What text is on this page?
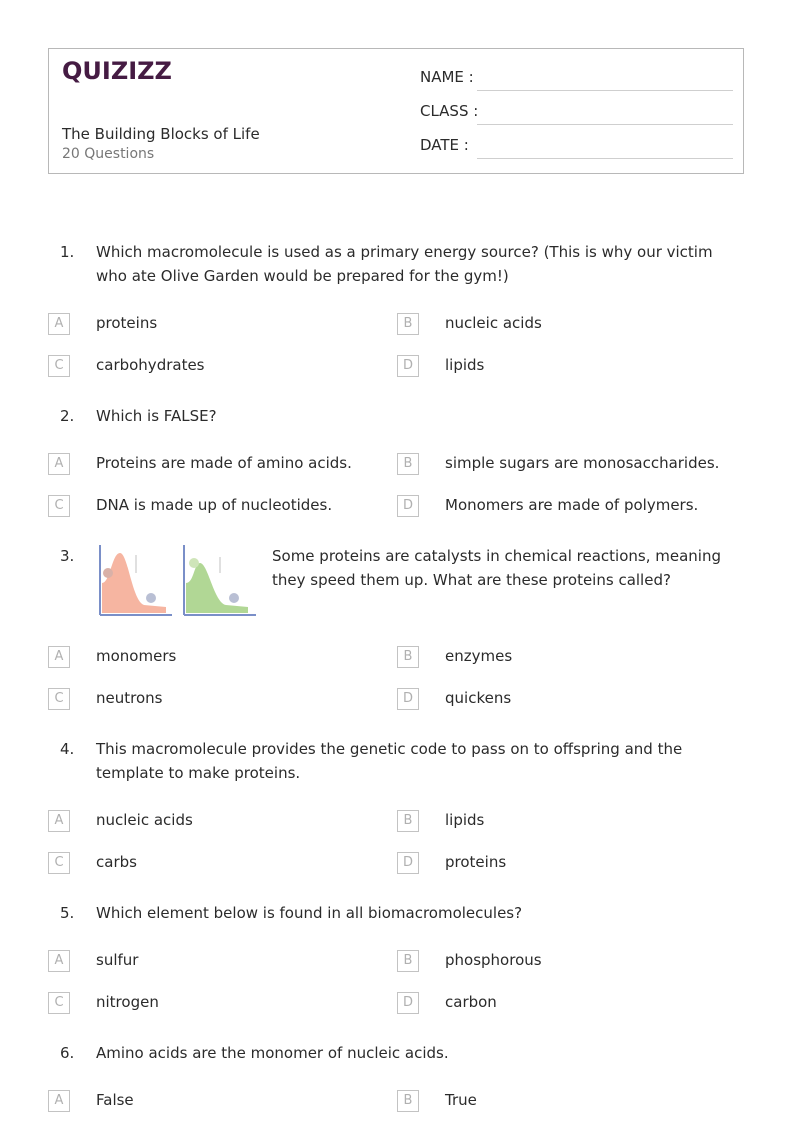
QUIZIZZ
The Building Blocks of Life
20 Questions
NAME :
CLASS :
DATE :
1.	Which macromolecule is used as a primary energy source? (This is why our victim who ate Olive Garden would be prepared for the gym!)
A	proteins	B	nucleic acids
C	carbohydrates	D	lipids
2.	Which is FALSE?
A	Proteins are made of amino acids.	B	simple sugars are monosaccharides.
C	DNA is made up of nucleotides.	D	Monomers are made of polymers.
3.	Some proteins are catalysts in chemical reactions, meaning they speed them up. What are these proteins called?
A	monomers	B	enzymes
C	neutrons	D	quickens
4.	This macromolecule provides the genetic code to pass on to offspring and the template to make proteins.
A	nucleic acids	B	lipids
C	carbs	D	proteins
5.	Which element below is found in all biomacromolecules?
A	sulfur	B	phosphorous
C	nitrogen	D	carbon
6.	Amino acids are the monomer of nucleic acids.
A	False	B	True
